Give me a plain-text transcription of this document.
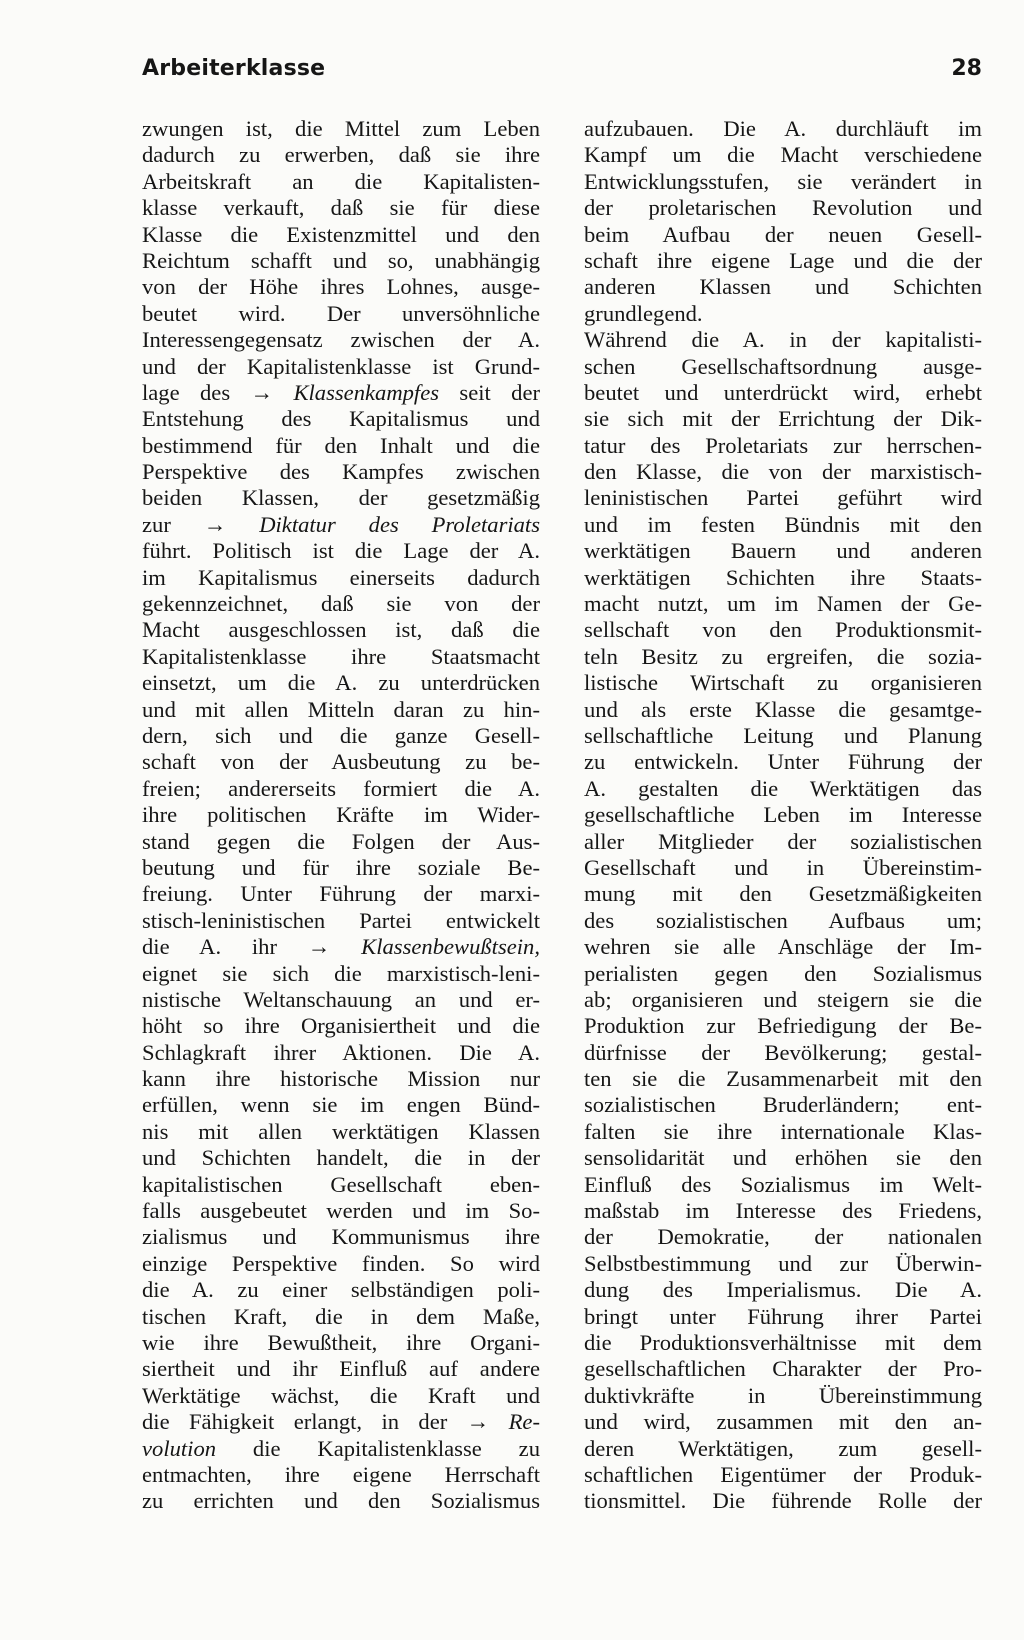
Arbeiterklasse	28
zwungen ist, die Mittel zum Leben
dadurch zu erwerben, daß sie ihre
Arbeitskraft an die Kapitalisten-
klasse verkauft, daß sie für diese
Klasse die Existenzmittel und den
Reichtum schafft und so, unabhängig
von der Höhe ihres Lohnes, ausge-
beutet wird. Der unversöhnliche
Interessengegensatz zwischen der A.
und der Kapitalistenklasse ist Grund-
lage des → Klassenkampfes seit der
Entstehung des Kapitalismus und
bestimmend für den Inhalt und die
Perspektive des Kampfes zwischen
beiden Klassen, der gesetzmäßig
zur → Diktatur des Proletariats
führt. Politisch ist die Lage der A.
im Kapitalismus einerseits dadurch
gekennzeichnet, daß sie von der
Macht ausgeschlossen ist, daß die
Kapitalistenklasse ihre Staatsmacht
einsetzt, um die A. zu unterdrücken
und mit allen Mitteln daran zu hin-
dern, sich und die ganze Gesell-
schaft von der Ausbeutung zu be-
freien; andererseits formiert die A.
ihre politischen Kräfte im Wider-
stand gegen die Folgen der Aus-
beutung und für ihre soziale Be-
freiung. Unter Führung der marxi-
stisch-leninistischen Partei entwickelt
die A. ihr → Klassenbewußtsein,
eignet sie sich die marxistisch-leni-
nistische Weltanschauung an und er-
höht so ihre Organisiertheit und die
Schlagkraft ihrer Aktionen. Die A.
kann ihre historische Mission nur
erfüllen, wenn sie im engen Bünd-
nis mit allen werktätigen Klassen
und Schichten handelt, die in der
kapitalistischen Gesellschaft eben-
falls ausgebeutet werden und im So-
zialismus und Kommunismus ihre
einzige Perspektive finden. So wird
die A. zu einer selbständigen poli-
tischen Kraft, die in dem Maße,
wie ihre Bewußtheit, ihre Organi-
siertheit und ihr Einfluß auf andere
Werktätige wächst, die Kraft und
die Fähigkeit erlangt, in der → Re-
volution die Kapitalistenklasse zu
entmachten, ihre eigene Herrschaft
zu errichten und den Sozialismus
aufzubauen. Die A. durchläuft im
Kampf um die Macht verschiedene
Entwicklungsstufen, sie verändert in
der proletarischen Revolution und
beim Aufbau der neuen Gesell-
schaft ihre eigene Lage und die der
anderen Klassen und Schichten
grundlegend.
Während die A. in der kapitalisti-
schen Gesellschaftsordnung ausge-
beutet und unterdrückt wird, erhebt
sie sich mit der Errichtung der Dik-
tatur des Proletariats zur herrschen-
den Klasse, die von der marxistisch-
leninistischen Partei geführt wird
und im festen Bündnis mit den
werktätigen Bauern und anderen
werktätigen Schichten ihre Staats-
macht nutzt, um im Namen der Ge-
sellschaft von den Produktionsmit-
teln Besitz zu ergreifen, die sozia-
listische Wirtschaft zu organisieren
und als erste Klasse die gesamtge-
sellschaftliche Leitung und Planung
zu entwickeln. Unter Führung der
A. gestalten die Werktätigen das
gesellschaftliche Leben im Interesse
aller Mitglieder der sozialistischen
Gesellschaft und in Übereinstim-
mung mit den Gesetzmäßigkeiten
des sozialistischen Aufbaus um;
wehren sie alle Anschläge der Im-
perialisten gegen den Sozialismus
ab; organisieren und steigern sie die
Produktion zur Befriedigung der Be-
dürfnisse der Bevölkerung; gestal-
ten sie die Zusammenarbeit mit den
sozialistischen Bruderländern; ent-
falten sie ihre internationale Klas-
sensolidarität und erhöhen sie den
Einfluß des Sozialismus im Welt-
maßstab im Interesse des Friedens,
der Demokratie, der nationalen
Selbstbestimmung und zur Überwin-
dung des Imperialismus. Die A.
bringt unter Führung ihrer Partei
die Produktionsverhältnisse mit dem
gesellschaftlichen Charakter der Pro-
duktivkräfte in Übereinstimmung
und wird, zusammen mit den an-
deren Werktätigen, zum gesell-
schaftlichen Eigentümer der Produk-
tionsmittel. Die führende Rolle der
